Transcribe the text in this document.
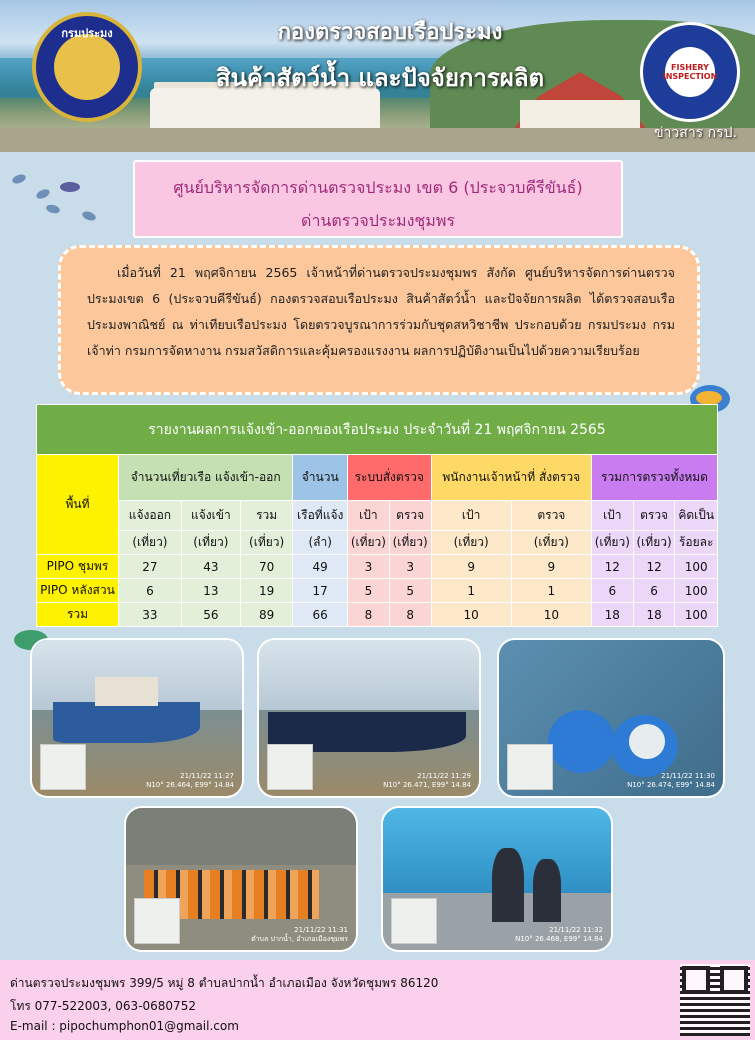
กรมประมง	กองตรวจสอบเรือประมง
สินค้าสัตว์น้ำ และปัจจัยการผลิต	FISHERY INSPECTION
ข่าวสาร กรป.
ศูนย์บริหารจัดการด่านตรวจประมง เขต 6 (ประจวบคีรีขันธ์)
ด่านตรวจประมงชุมพร

เมื่อวันที่ 21 พฤศจิกายน 2565 เจ้าหน้าที่ด่านตรวจประมงชุมพร สังกัด ศูนย์บริหารจัดการด่านตรวจประมงเขต 6 (ประจวบคีรีขันธ์) กองตรวจสอบเรือประมง สินค้าสัตว์น้ำ และปัจจัยการผลิต ได้ตรวจสอบเรือประมงพาณิชย์ ณ ท่าเทียบเรือประมง โดยตรวจบูรณาการร่วมกับชุดสหวิชาชีพ ประกอบด้วย กรมประมง กรมเจ้าท่า กรมการจัดหางาน กรมสวัสดิการและคุ้มครองแรงงาน ผลการปฏิบัติงานเป็นไปด้วยความเรียบร้อย

รายงานผลการแจ้งเข้า-ออกของเรือประมง ประจำวันที่ 21 พฤศจิกายน 2565											
พื้นที่	จำนวนเที่ยวเรือ แจ้งเข้า-ออก			จำนวน	ระบบสั่งตรวจ		พนักงานเจ้าหน้าที่ สั่งตรวจ		รวมการตรวจทั้งหมด		
	แจ้งออก	แจ้งเข้า	รวม	เรือที่แจ้ง	เป้า	ตรวจ	เป้า	ตรวจ	เป้า	ตรวจ	คิดเป็น
	(เที่ยว)	(เที่ยว)	(เที่ยว)	(ลำ)	(เที่ยว)	(เที่ยว)	(เที่ยว)	(เที่ยว)	(เที่ยว)	(เที่ยว)	ร้อยละ
PIPO ชุมพร	27	43	70	49	3	3	9	9	12	12	100
PIPO หลังสวน	6	13	19	17	5	5	1	1	6	6	100
รวม	33	56	89	66	8	8	10	10	18	18	100
21/11/22 11:27
N10° 26.464, E99° 14.84
21/11/22 11:29
N10° 26.471, E99° 14.84
21/11/22 11:30
N10° 26.474, E99° 14.84
21/11/22 11:31
ตำบล ปากน้ำ, อำเภอเมืองชุมพร
21/11/22 11:32
N10° 26.468, E99° 14.84
ด่านตรวจประมงชุมพร 399/5 หมู่ 8 ตำบลปากน้ำ อำเภอเมือง จังหวัดชุมพร 86120
โทร 077-522003, 063-0680752
E-mail : pipochumphon01@gmail.com
